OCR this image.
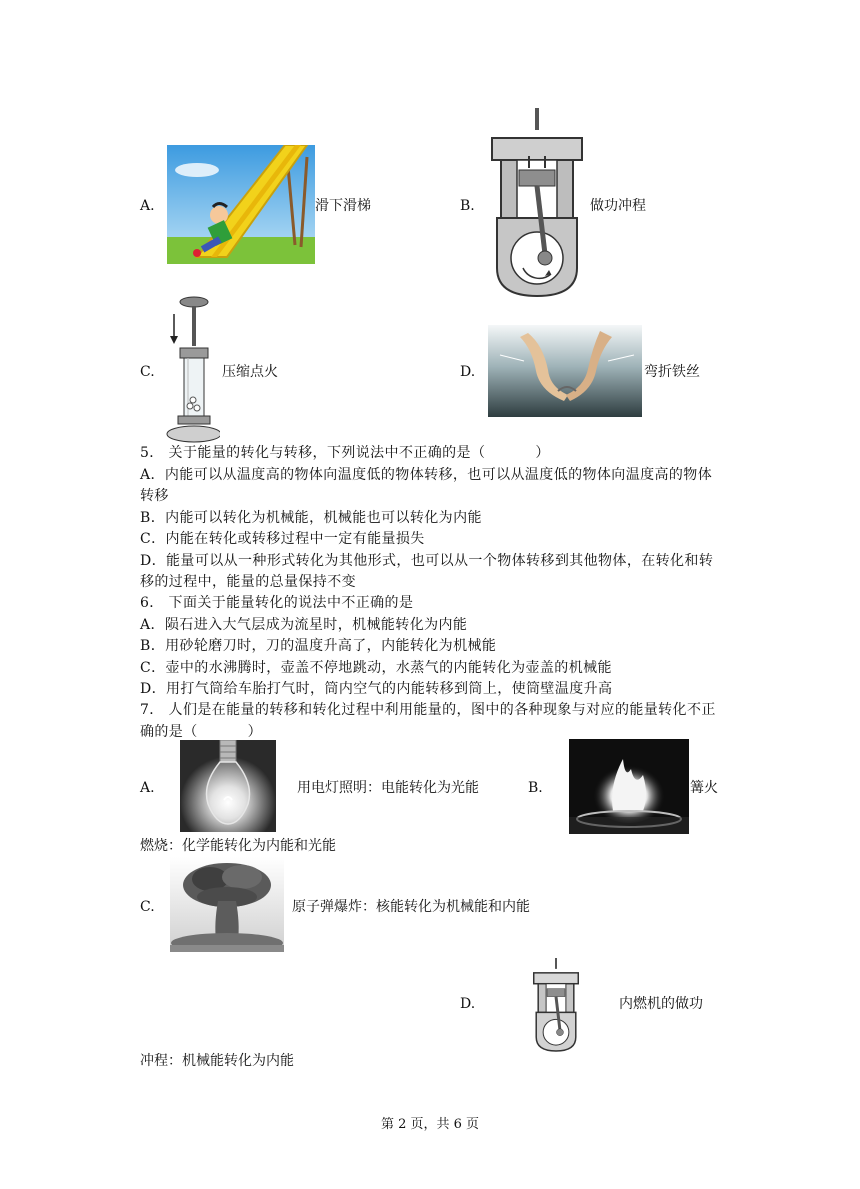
A.	滑下滑梯	B.	做功冲程
C.	压缩点火	D.	弯折铁丝
5． 关于能量的转化与转移，下列说法中不正确的是（	）
A．内能可以从温度高的物体向温度低的物体转移，也可以从温度低的物体向温度高的物体转移
B．内能可以转化为机械能，机械能也可以转化为内能
C．内能在转化或转移过程中一定有能量损失
D．能量可以从一种形式转化为其他形式，也可以从一个物体转移到其他物体，在转化和转移的过程中，能量的总量保持不变
6． 下面关于能量转化的说法中不正确的是
A．陨石进入大气层成为流星时，机械能转化为内能
B．用砂轮磨刀时，刀的温度升高了，内能转化为机械能
C．壶中的水沸腾时，壶盖不停地跳动，水蒸气的内能转化为壶盖的机械能
D．用打气筒给车胎打气时，筒内空气的内能转移到筒上，使筒壁温度升高
7． 人们是在能量的转移和转化过程中利用能量的，图中的各种现象与对应的能量转化不正确的是（	）
A.	用电灯照明：电能转化为光能	B.	篝火
燃烧：化学能转化为内能和光能
C.	原子弹爆炸：核能转化为机械能和内能
D.	内燃机的做功
冲程：机械能转化为内能
第 2 页，共 6 页
